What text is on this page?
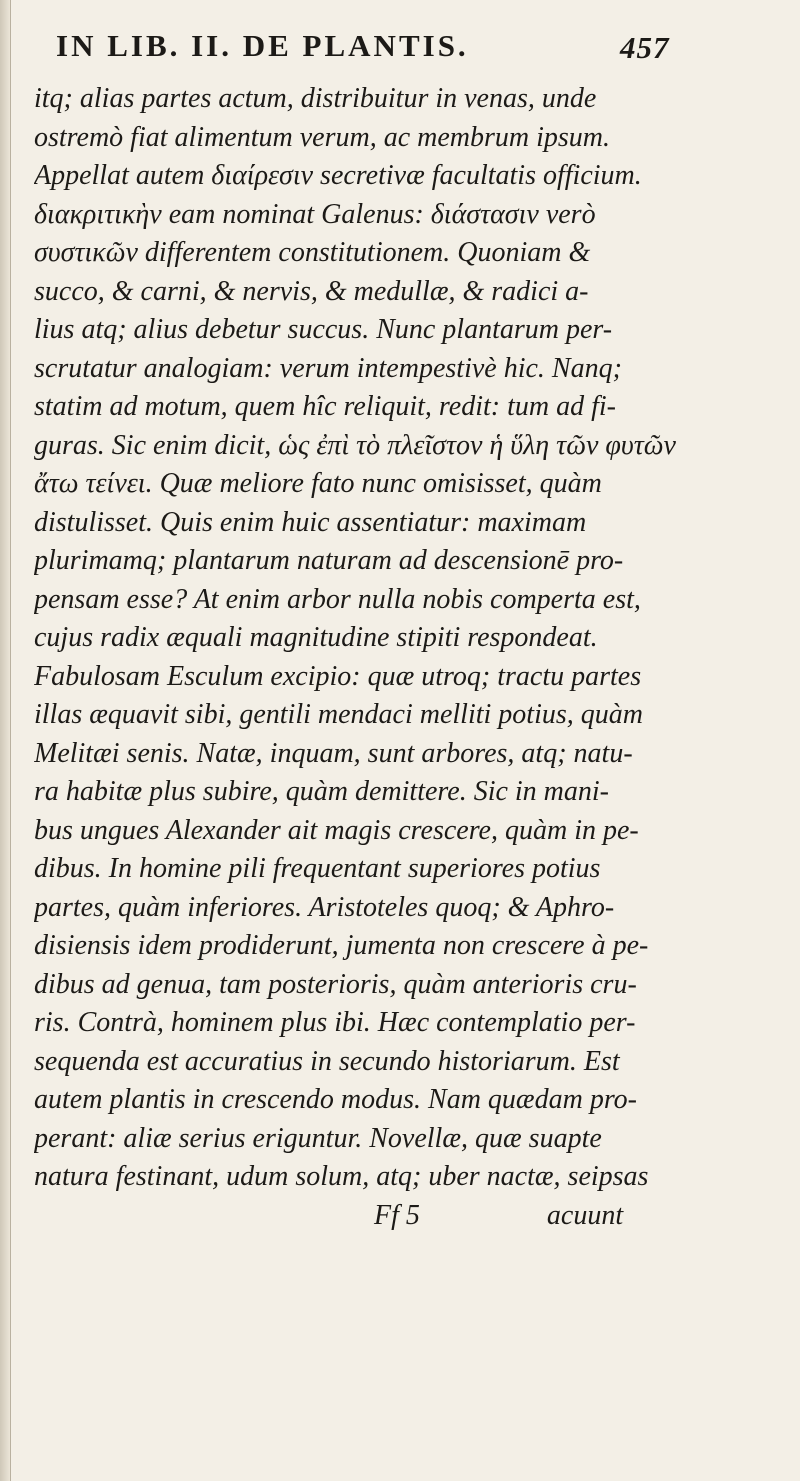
IN LIB. II. DE PLANTIS.	457
itq; alias partes actum, distribuitur in venas, unde
ostremò fiat alimentum verum, ac membrum ipsum.
Appellat autem διαίρεσιν secretivæ facultatis officium.
διακριτικὴν eam nominat Galenus: διάστασιν verò
συστικῶν differentem constitutionem. Quoniam &
succo, & carni, & nervis, & medullæ, & radici a-
lius atq; alius debetur succus. Nunc plantarum per-
scrutatur analogiam: verum intempestivè hic. Nanq;
statim ad motum, quem hîc reliquit, redit: tum ad fi-
guras. Sic enim dicit, ὡς ἐπὶ τὸ πλεῖστον ἡ ὕλη τῶν φυτῶν
ἄτω τείνει. Quæ meliore fato nunc omisisset, quàm
distulisset. Quis enim huic assentiatur: maximam
plurimamq; plantarum naturam ad descensionē pro-
pensam esse? At enim arbor nulla nobis comperta est,
cujus radix æquali magnitudine stipiti respondeat.
Fabulosam Esculum excipio: quæ utroq; tractu partes
illas æquavit sibi, gentili mendaci melliti potius, quàm
Melitæi senis. Natæ, inquam, sunt arbores, atq; natu-
ra habitæ plus subire, quàm demittere. Sic in mani-
bus ungues Alexander ait magis crescere, quàm in pe-
dibus. In homine pili frequentant superiores potius
partes, quàm inferiores. Aristoteles quoq; & Aphro-
disiensis idem prodiderunt, jumenta non crescere à pe-
dibus ad genua, tam posterioris, quàm anterioris cru-
ris. Contrà, hominem plus ibi. Hæc contemplatio per-
sequenda est accuratius in secundo historiarum. Est
autem plantis in crescendo modus. Nam quædam pro-
perant: aliæ serius eriguntur. Novellæ, quæ suapte
natura festinant, udum solum, atq; uber nactæ, seipsas
Ff 5	acuunt
